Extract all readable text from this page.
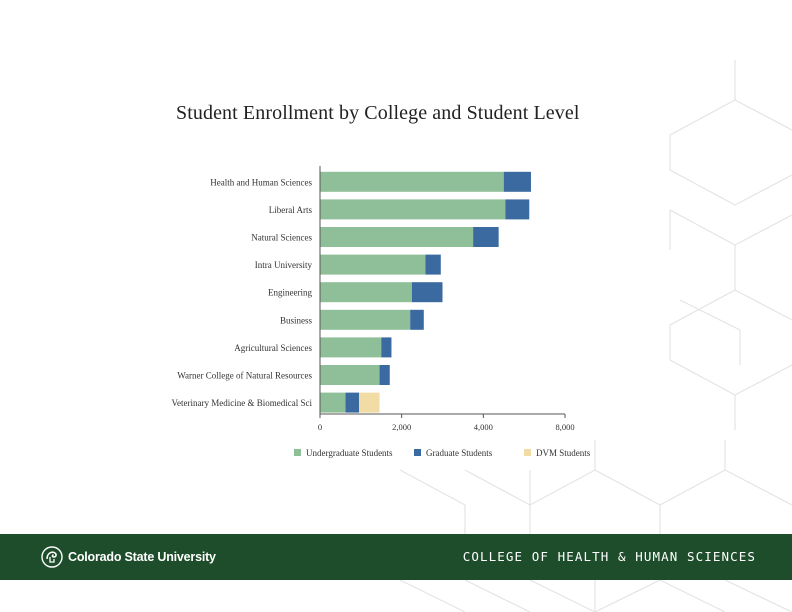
Student Enrollment by College and Student Level
Health and Human Sciences
Liberal Arts
Natural Sciences
Intra University
Engineering
Business
Agricultural Sciences
Warner College of Natural Resources
Veterinary Medicine & Biomedical Sci
0	2,000	4,000	8,000
Undergraduate Students	Graduate Students	DVM Students
Colorado State University	COLLEGE OF HEALTH & HUMAN SCIENCES
